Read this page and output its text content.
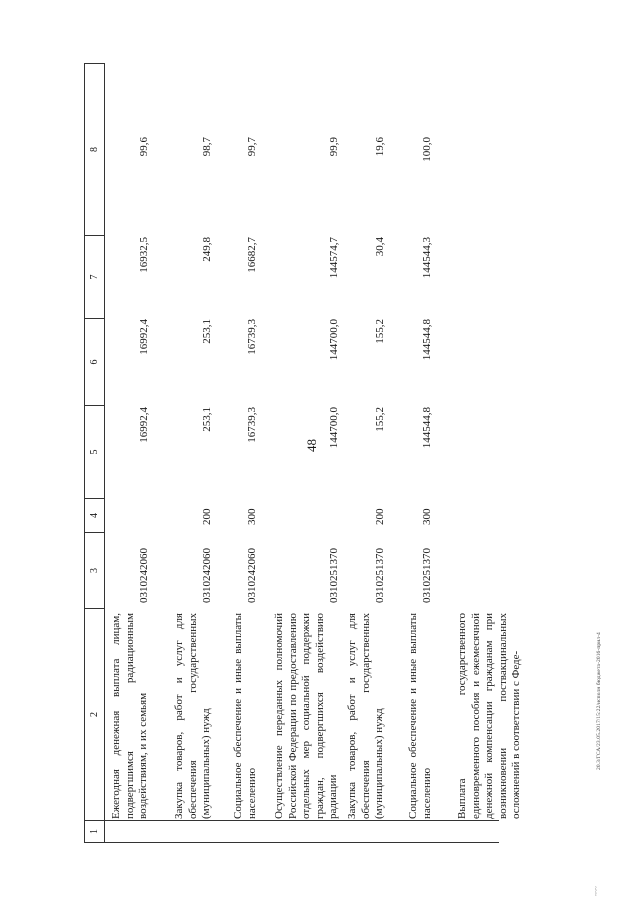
48
20.3/ГСА/23.05.2017/15:22/исполн бюджета-2016-прил-4
~~~
1
2
3
4
5
6
7
8
Ежегодная денежная выплата лицам, подвергшимся радиационным воздействиям, и их семьям
0310242060
16992,4
16992,4
16932,5
99,6
Закупка товаров, работ и услуг для обеспечения государственных (муниципальных) нужд
0310242060
200
253,1
253,1
249,8
98,7
Социальное обеспечение и иные выплаты населению
0310242060
300
16739,3
16739,3
16682,7
99,7
Осуществление переданных полномочий Российской Федерации по предоставлению отдельных мер социальной поддержки граждан, подвергшихся воздействию радиации
0310251370
144700,0
144700,0
144574,7
99,9
Закупка товаров, работ и услуг для обеспечения государственных (муниципальных) нужд
0310251370
200
155,2
155,2
30,4
19,6
Социальное обеспечение и иные выплаты населению
0310251370
300
144544,8
144544,8
144544,3
100,0
Выплата государственного единовременного пособия и ежемесячной денежной компенсации гражданам при возникновении поствакцинальных осложнений в соответствии с Феде-
